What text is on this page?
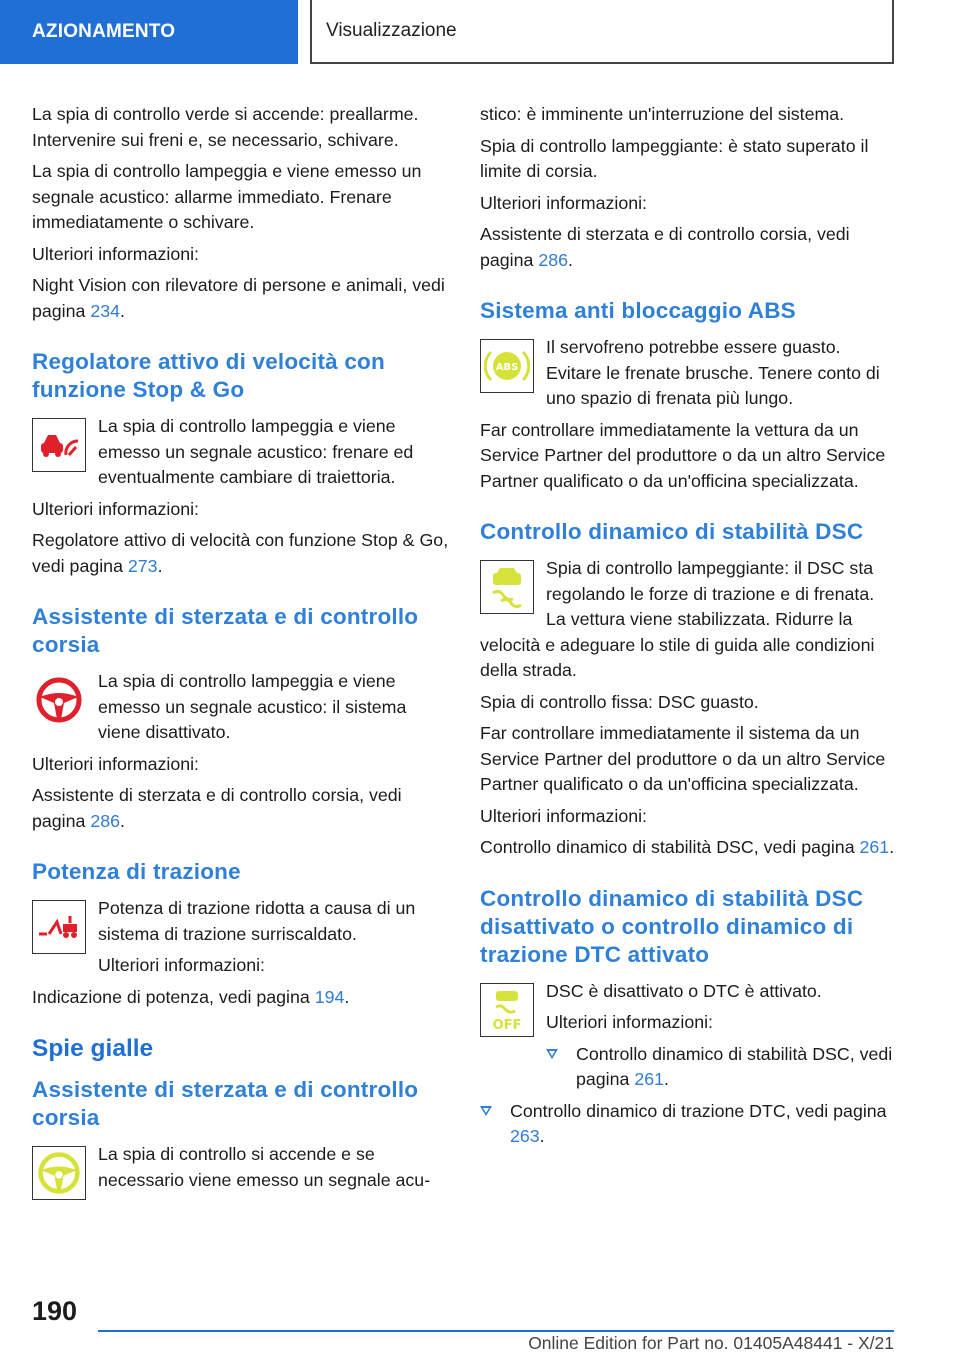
AZIONAMENTO	Visualizzazione

La spia di controllo verde si accende: preallarme. Intervenire sui freni e, se necessario, schivare.

La spia di controllo lampeggia e viene emesso un segnale acustico: allarme immediato. Frenare immediatamente o schivare.

Ulteriori informazioni:

Night Vision con rilevatore di persone e animali, vedi pagina 234.

Regolatore attivo di velocità con funzione Stop & Go

La spia di controllo lampeggia e viene emesso un segnale acustico: frenare ed eventualmente cambiare di traiettoria.

Ulteriori informazioni:

Regolatore attivo di velocità con funzione Stop & Go, vedi pagina 273.

Assistente di sterzata e di controllo corsia

La spia di controllo lampeggia e viene emesso un segnale acustico: il sistema viene disattivato.

Ulteriori informazioni:

Assistente di sterzata e di controllo corsia, vedi pagina 286.

Potenza di trazione

Potenza di trazione ridotta a causa di un sistema di trazione surriscaldato.

Ulteriori informazioni:

Indicazione di potenza, vedi pagina 194.

Spie gialle
Assistente di sterzata e di controllo corsia

La spia di controllo si accende e se necessario viene emesso un segnale acu-

stico: è imminente un'interruzione del sistema.

Spia di controllo lampeggiante: è stato superato il limite di corsia.

Ulteriori informazioni:

Assistente di sterzata e di controllo corsia, vedi pagina 286.

Sistema anti bloccaggio ABS
ABS

Il servofreno potrebbe essere guasto. Evitare le frenate brusche. Tenere conto di uno spazio di frenata più lungo.

Far controllare immediatamente la vettura da un Service Partner del produttore o da un altro Service Partner qualificato o da un'officina specializzata.

Controllo dinamico di stabilità DSC

Spia di controllo lampeggiante: il DSC sta regolando le forze di trazione e di frenata. La vettura viene stabilizzata. Ridurre la velocità e adeguare lo stile di guida alle condizioni della strada.

Spia di controllo fissa: DSC guasto.

Far controllare immediatamente il sistema da un Service Partner del produttore o da un altro Service Partner qualificato o da un'officina specializzata.

Ulteriori informazioni:

Controllo dinamico di stabilità DSC, vedi pagina 261.

Controllo dinamico di stabilità DSC disattivato o controllo dinamico di trazione DTC attivato
OFF

DSC è disattivato o DTC è attivato.

Ulteriori informazioni:

Controllo dinamico di stabilità DSC, vedi pagina 261.

Controllo dinamico di trazione DTC, vedi pagina 263.

190
Online Edition for Part no. 01405A48441 - X/21
